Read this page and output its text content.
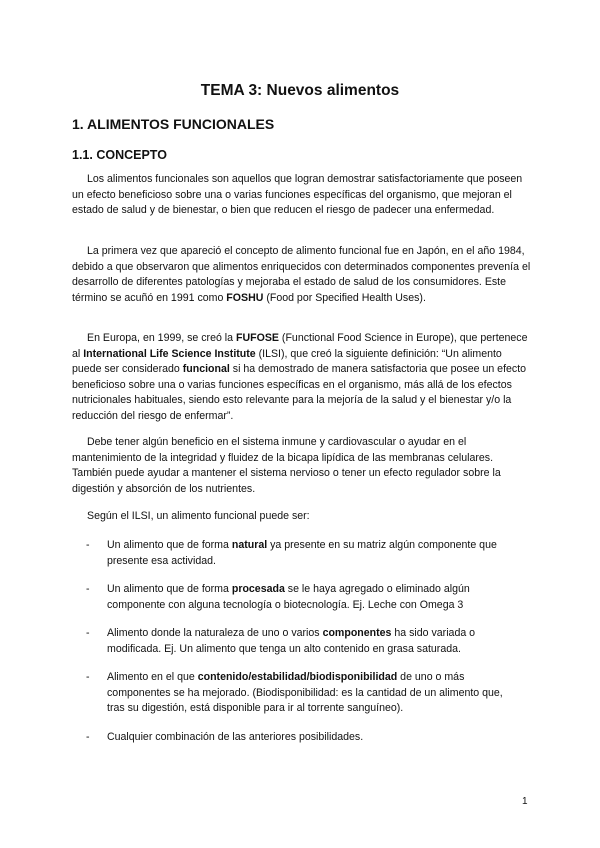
TEMA 3: Nuevos alimentos
1. ALIMENTOS FUNCIONALES
1.1. CONCEPTO

Los alimentos funcionales son aquellos que logran demostrar satisfactoriamente que poseen un efecto beneficioso sobre una o varias funciones específicas del organismo, que mejoran el estado de salud y de bienestar, o bien que reducen el riesgo de padecer una enfermedad.

La primera vez que apareció el concepto de alimento funcional fue en Japón, en el año 1984, debido a que observaron que alimentos enriquecidos con determinados componentes prevenía el desarrollo de diferentes patologías y mejoraba el estado de salud de los consumidores. Este término se acuñó en 1991 como FOSHU (Food por Specified Health Uses).

En Europa, en 1999, se creó la FUFOSE (Functional Food Science in Europe), que pertenece al International Life Science Institute (ILSI), que creó la siguiente definición: “Un alimento puede ser considerado funcional si ha demostrado de manera satisfactoria que posee un efecto beneficioso sobre una o varias funciones específicas en el organismo, más allá de los efectos nutricionales habituales, siendo esto relevante para la mejoría de la salud y el bienestar y/o la reducción del riesgo de enfermar”.

Debe tener algún beneficio en el sistema inmune y cardiovascular o ayudar en el mantenimiento de la integridad y fluidez de la bicapa lipídica de las membranas celulares. También puede ayudar a mantener el sistema nervioso o tener un efecto regulador sobre la digestión y absorción de los nutrientes.

Según el ILSI, un alimento funcional puede ser:

- Un alimento que de forma natural ya presente en su matriz algún componente que presente esa actividad.
- Un alimento que de forma procesada se le haya agregado o eliminado algún componente con alguna tecnología o biotecnología. Ej. Leche con Omega 3
- Alimento donde la naturaleza de uno o varios componentes ha sido variada o modificada. Ej. Un alimento que tenga un alto contenido en grasa saturada.
- Alimento en el que contenido/estabilidad/biodisponibilidad de uno o más componentes se ha mejorado. (Biodisponibilidad: es la cantidad de un alimento que, tras su digestión, está disponible para ir al torrente sanguíneo).
- Cualquier combinación de las anteriores posibilidades.

1
